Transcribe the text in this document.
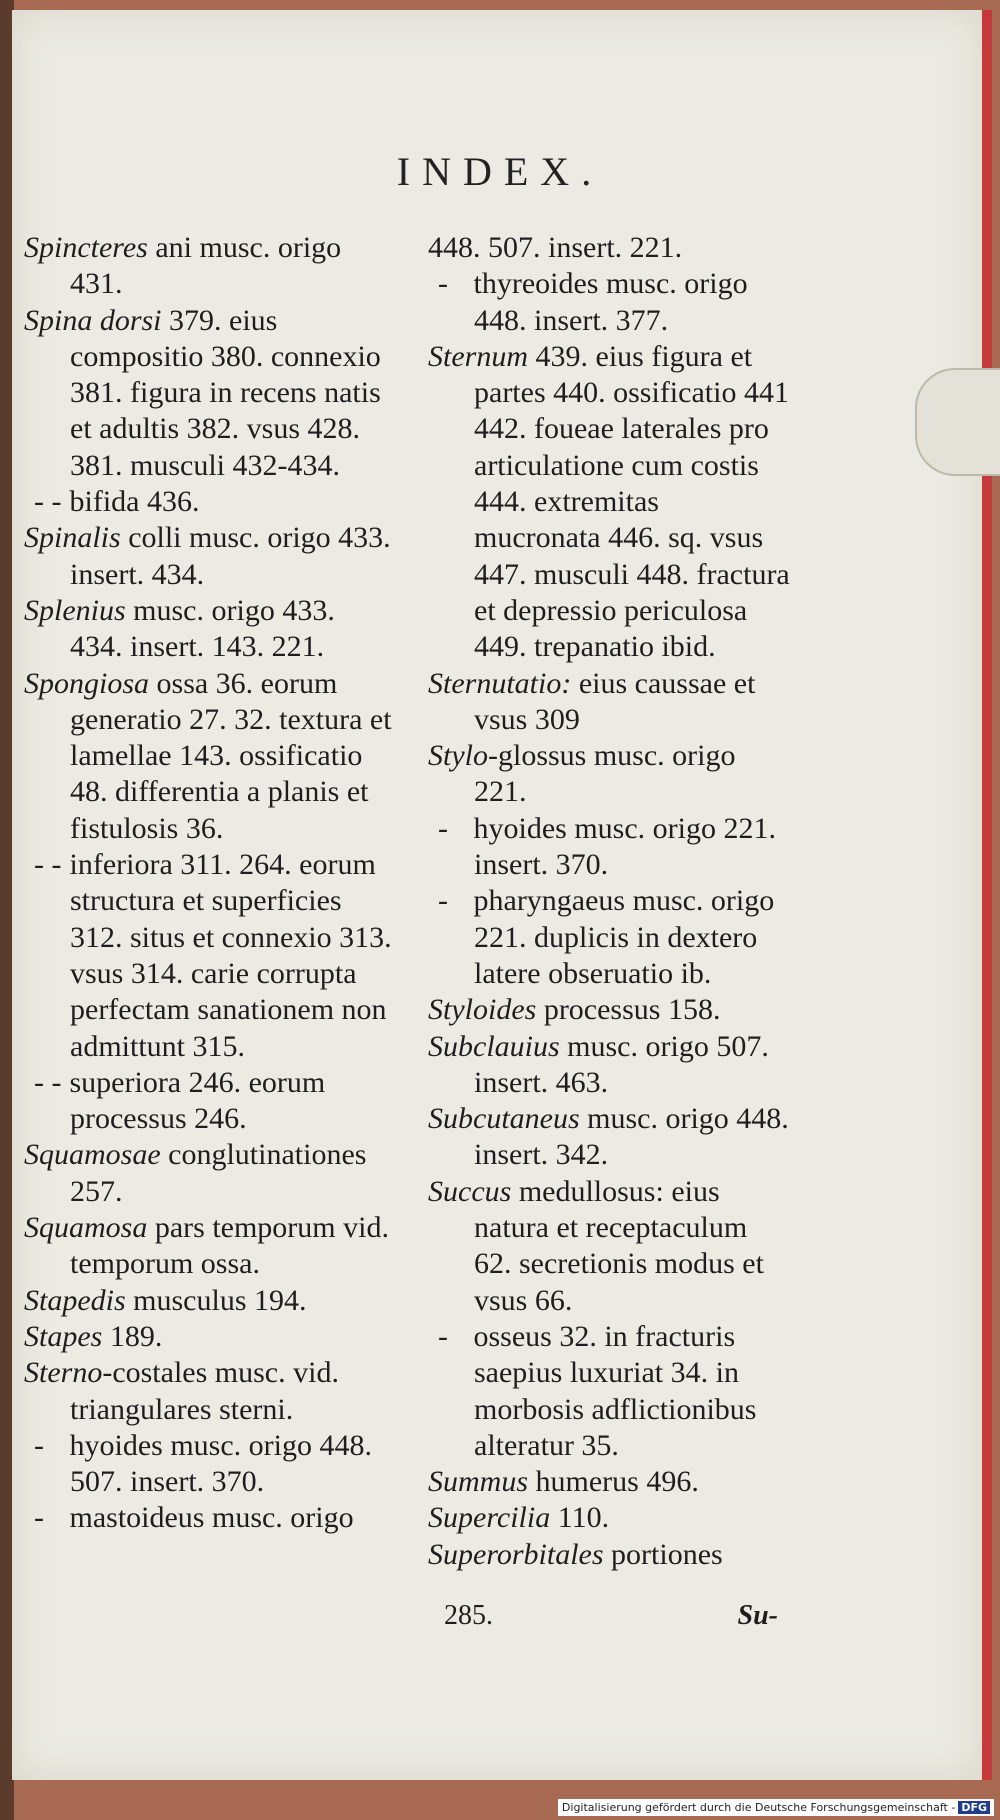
INDEX.

Spincteres ani musc. origo 431.

Spina dorsi 379. eius compositio 380. connexio 381. figura in recens natis et adultis 382. vsus 428. 381. musculi 432-434.

- - bifida 436.

Spinalis colli musc. origo 433. insert. 434.

Splenius musc. origo 433. 434. insert. 143. 221.

Spongiosa ossa 36. eorum generatio 27. 32. textura et lamellae 143. ossificatio 48. differentia a planis et fistulosis 36.

- - inferiora 311. 264. eorum structura et superficies 312. situs et connexio 313. vsus 314. carie corrupta perfectam sanationem non admittunt 315.

- - superiora 246. eorum processus 246.

Squamosae conglutinationes 257.

Squamosa pars temporum vid. temporum ossa.

Stapedis musculus 194.

Stapes 189.

Sterno-costales musc. vid. triangulares sterni.

- hyoides musc. origo 448. 507. insert. 370.

- mastoideus musc. origo

448. 507. insert. 221.

- thyreoides musc. origo 448. insert. 377.

Sternum 439. eius figura et partes 440. ossificatio 441 442. foueae laterales pro articulatione cum costis 444. extremitas mucronata 446. sq. vsus 447. musculi 448. fractura et depressio periculosa 449. trepanatio ibid.

Sternutatio: eius caussae et vsus 309

Stylo-glossus musc. origo 221.

- hyoides musc. origo 221. insert. 370.

- pharyngaeus musc. origo 221. duplicis in dextero latere obseruatio ib.

Styloides processus 158.

Subclauius musc. origo 507. insert. 463.

Subcutaneus musc. origo 448. insert. 342.

Succus medullosus: eius natura et receptaculum 62. secretionis modus et vsus 66.

- osseus 32. in fracturis saepius luxuriat 34. in morbosis adflictionibus alteratur 35.

Summus humerus 496.

Supercilia 110.

Superorbitales portiones

285.	Su-
Digitalisierung gefördert durch die Deutsche Forschungsgemeinschaft - DFG
